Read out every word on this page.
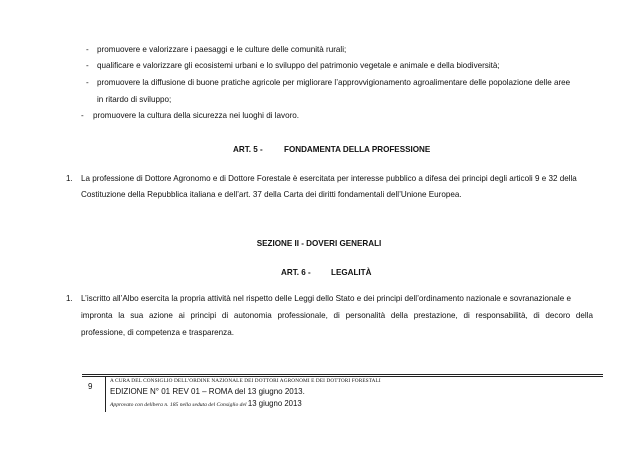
- promuovere e valorizzare i paesaggi e le culture delle comunità rurali;
- qualificare e valorizzare gli ecosistemi urbani e lo sviluppo del patrimonio vegetale e animale e della biodiversità;
- promuovere la diffusione di buone pratiche agricole per migliorare l’approvvigionamento agroalimentare delle popolazione delle aree
in ritardo di sviluppo;
- promuovere la cultura della sicurezza nei luoghi di lavoro.
ART. 5 -	FONDAMENTA DELLA PROFESSIONE
1. La professione di Dottore Agronomo e di Dottore Forestale è esercitata per interesse pubblico a difesa dei principi degli articoli 9 e 32 della
Costituzione della Repubblica italiana e dell’art. 37 della Carta dei diritti fondamentali dell’Unione Europea.
SEZIONE II - DOVERI GENERALI
ART. 6 -	LEGALITÀ
1. L’iscritto all’Albo esercita la propria attività nel rispetto delle Leggi dello Stato e dei principi dell’ordinamento nazionale e sovranazionale e
impronta la sua azione ai principi di autonomia professionale, di personalità della prestazione, di responsabilità, di decoro della
professione, di competenza e trasparenza.
9
A CURA DEL CONSIGLIO DELL’ORDINE NAZIONALE DEI DOTTORI AGRONOMI E DEI DOTTORI FORESTALI
EDIZIONE N° 01 REV 01 – ROMA del 13 giugno 2013.
Approvato con delibera n. 185 nella seduta del Consiglio del 13 giugno 2013
